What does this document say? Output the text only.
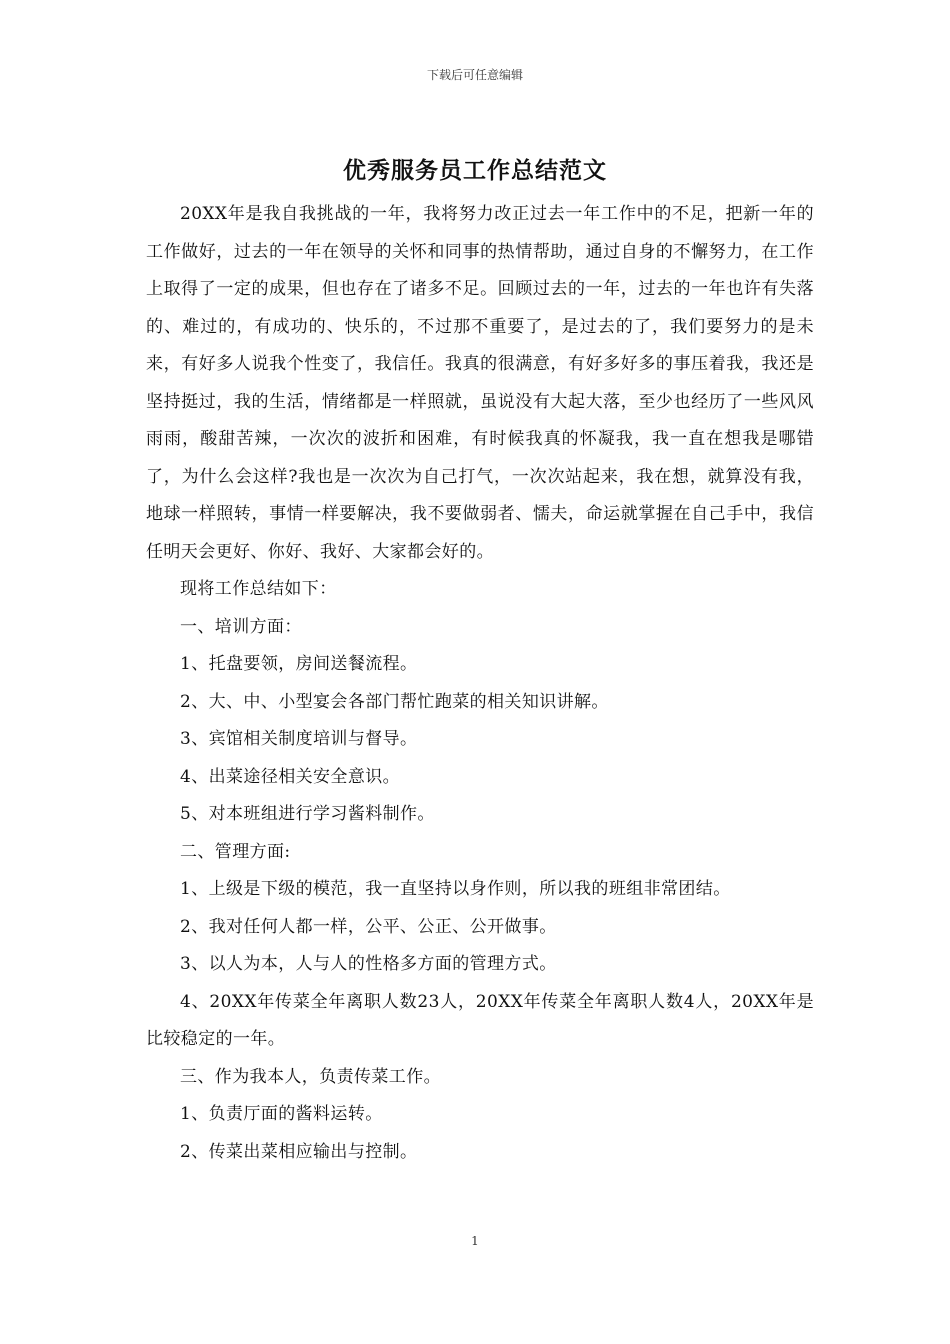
下载后可任意编辑
优秀服务员工作总结范文

20XX年是我自我挑战的一年，我将努力改正过去一年工作中的不足，把新一年的工作做好，过去的一年在领导的关怀和同事的热情帮助，通过自身的不懈努力，在工作上取得了一定的成果，但也存在了诸多不足。回顾过去的一年，过去的一年也许有失落的、难过的，有成功的、快乐的，不过那不重要了，是过去的了，我们要努力的是未来，有好多人说我个性变了，我信任。我真的很满意，有好多好多的事压着我，我还是坚持挺过，我的生活，情绪都是一样照就，虽说没有大起大落，至少也经历了一些风风雨雨，酸甜苦辣，一次次的波折和困难，有时候我真的怀凝我，我一直在想我是哪错了，为什么会这样?我也是一次次为自己打气，一次次站起来，我在想，就算没有我，地球一样照转，事情一样要解决，我不要做弱者、懦夫，命运就掌握在自己手中，我信任明天会更好、你好、我好、大家都会好的。

现将工作总结如下：

一、培训方面：

1、托盘要领，房间送餐流程。

2、大、中、小型宴会各部门帮忙跑菜的相关知识讲解。

3、宾馆相关制度培训与督导。

4、出菜途径相关安全意识。

5、对本班组进行学习酱料制作。

二、管理方面:

1、上级是下级的模范，我一直坚持以身作则，所以我的班组非常团结。

2、我对任何人都一样，公平、公正、公开做事。

3、以人为本，人与人的性格多方面的管理方式。

4、20XX年传菜全年离职人数23人，20XX年传菜全年离职人数4人，20XX年是比较稳定的一年。

三、作为我本人，负责传菜工作。

1、负责厅面的酱料运转。

2、传菜出菜相应输出与控制。

1
